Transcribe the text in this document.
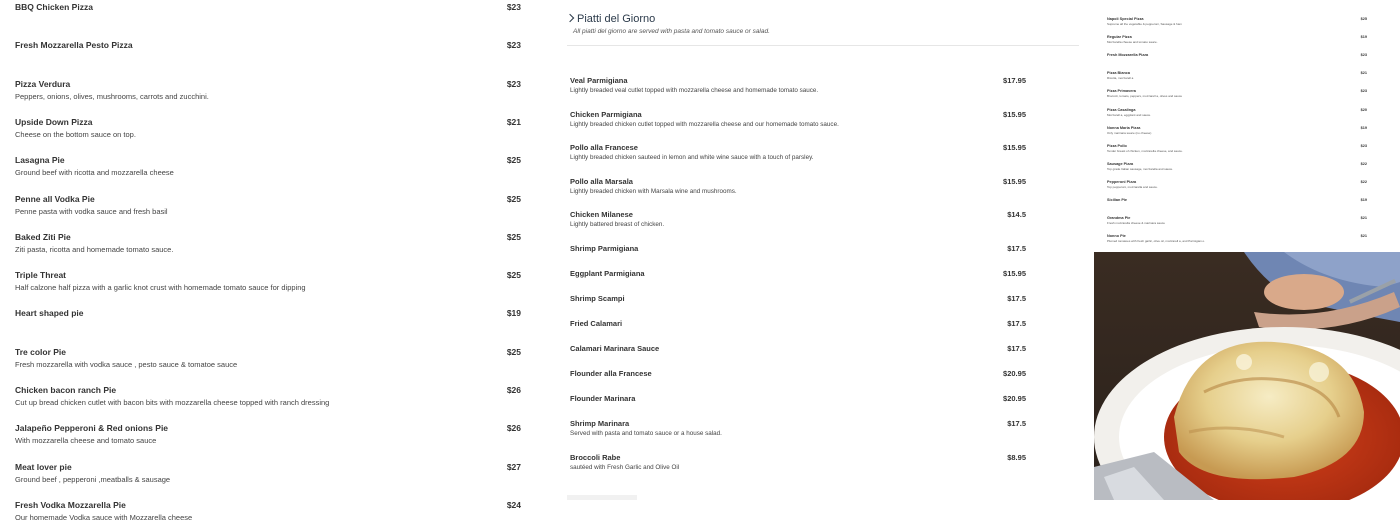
BBQ Chicken Pizza	$23
Fresh Mozzarella Pesto Pizza	$23
Pizza Verdura	$23
Peppers, onions, olives, mushrooms, carrots and zucchini.
Upside Down Pizza	$21
Cheese on the bottom sauce on top.
Lasagna Pie	$25
Ground beef with ricotta and mozzarella cheese
Penne all Vodka Pie	$25
Penne pasta with vodka sauce and fresh basil
Baked Ziti Pie	$25
Ziti pasta, ricotta and homemade tomato sauce.
Triple Threat	$25
Half calzone half pizza with a garlic knot crust with homemade tomato sauce for dipping
Heart shaped pie	$19
Tre color Pie	$25
Fresh mozzarella with vodka sauce , pesto sauce & tomatoe sauce
Chicken bacon ranch Pie	$26
Cut up bread chicken cutlet with bacon bits with mozzarella cheese topped with ranch dressing
Jalapeño Pepperoni & Red onions Pie	$26
With mozzarella cheese and tomato sauce
Meat lover pie	$27
Ground beef , pepperoni ,meatballs & sausage
Fresh Vodka Mozzarella Pie	$24
Our homemade Vodka sauce with Mozzarella cheese
Piatti del Giorno
All piatti del giorno are served with pasta and tomato sauce or salad.
Veal Parmigiana	$17.95
Lightly breaded veal cutlet topped with mozzarella cheese and homemade tomato sauce.
Chicken Parmigiana	$15.95
Lightly breaded chicken cutlet topped with mozzarella cheese and our homemade tomato sauce.
Pollo alla Francese	$15.95
Lightly breaded chicken sauteed in lemon and white wine sauce with a touch of parsley.
Pollo alla Marsala	$15.95
Lightly breaded chicken with Marsala wine and mushrooms.
Chicken Milanese	$14.5
Lightly battered breast of chicken.
Shrimp Parmigiana	$17.5
Eggplant Parmigiana	$15.95
Shrimp Scampi	$17.5
Fried Calamari	$17.5
Calamari Marinara Sauce	$17.5
Flounder alla Francese	$20.95
Flounder Marinara	$20.95
Shrimp Marinara	$17.5
Served with pasta and tomato sauce or a house salad.
Broccoli Rabe	$8.95
sautéed with Fresh Garlic and Olive Oil
Napoli Special Pizza	$25
Supreme all the vegetable & pepperoni, Sausage & ham
Regular Pizza	$19
Mozzarella cheese and tomato sauce.
Fresh Mozzarella Pizza	$23
Pizza Bianca	$21
Ricotta, mozzarell a
Pizza Primavera	$23
Broccoli, tomato, peppers, mozzarell a, olives and sauce
Pizza Casalinga	$20
Mozzarell a, eggplant and sauce.
Nonna Maria Pizza	$19
Only marinara sauce (no cheese)
Pizza Pollo	$23
Tender breast of chicken, mozzarella cheese, and sauce.
Sausage Pizza	$22
Top grade Italian sausage, mozzarella and sauce.
Pepperoni Pizza	$22
Top pepperoni, mozzarella and sauce.
Sicilian Pie	$19
Grandma Pie	$21
Fresh mozzarella cheese & marinara sauce
Nonno Pie	$21
Plumed tomatoes with fresh garlic, olive oil, mozzarell a, and Parmigian o.
